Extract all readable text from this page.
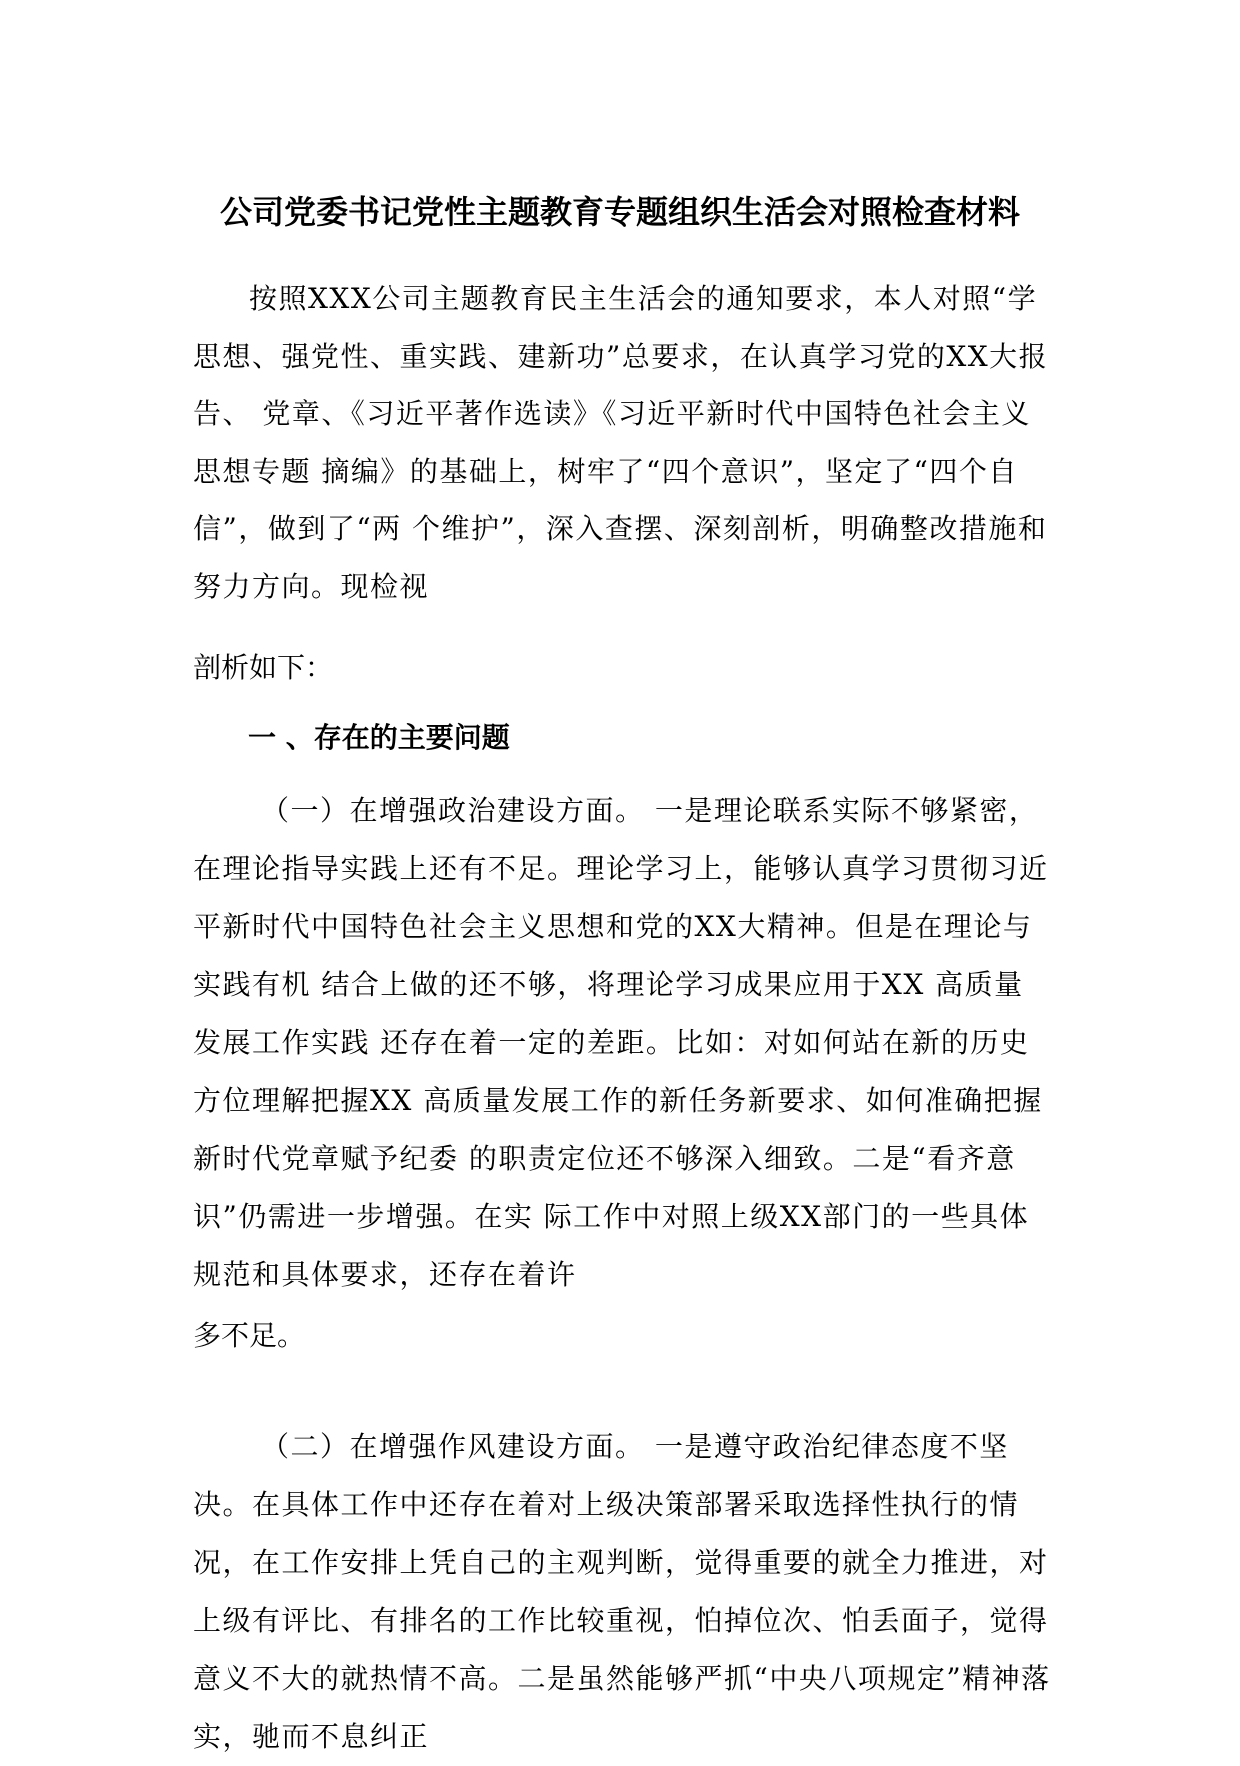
公司党委书记党性主题教育专题组织生活会对照检查材料

按照XXX公司主题教育民主生活会的通知要求，本人对照“学思想、强党性、重实践、建新功”总要求，在认真学习党的XX大报告、 党章、《习近平著作选读》《习近平新时代中国特色社会主义思想专题 摘编》的基础上，树牢了“四个意识”，坚定了“四个自信”，做到了“两 个维护”，深入查摆、深刻剖析，明确整改措施和努力方向。现检视

剖析如下：

一 、存在的主要问题

（一）在增强政治建设方面。 一是理论联系实际不够紧密，在理论指导实践上还有不足。理论学习上，能够认真学习贯彻习近平新时代中国特色社会主义思想和党的XX大精神。但是在理论与实践有机 结合上做的还不够，将理论学习成果应用于XX 高质量发展工作实践 还存在着一定的差距。比如：对如何站在新的历史方位理解把握XX 高质量发展工作的新任务新要求、如何准确把握新时代党章赋予纪委 的职责定位还不够深入细致。二是“看齐意识”仍需进一步增强。在实 际工作中对照上级XX部门的一些具体规范和具体要求，还存在着许

多不足。

（二）在增强作风建设方面。 一是遵守政治纪律态度不坚决。在具体工作中还存在着对上级决策部署采取选择性执行的情况，在工作安排上凭自己的主观判断，觉得重要的就全力推进，对上级有评比、有排名的工作比较重视，怕掉位次、怕丢面子，觉得意义不大的就热情不高。二是虽然能够严抓“中央八项规定”精神落实，驰而不息纠正
